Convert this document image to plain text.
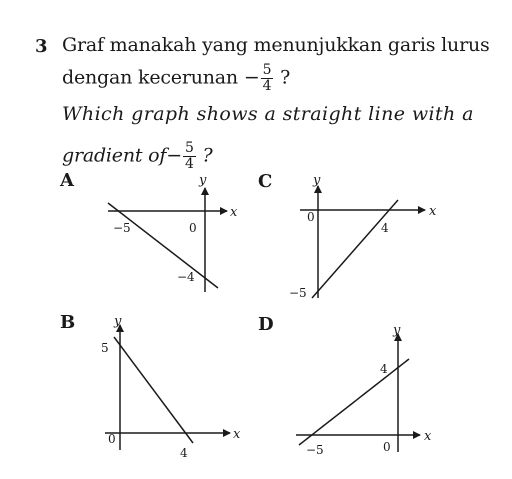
3 Graf manakah yang menunjukkan garis lurus
dengan kecerunan − $\frac{5}{4}$ ?
Which graph shows a straight line with a
gradient $of- \frac{5}{4}$ ?
A	C
B	D
x
y
0
−5
−4
x
y
0
4
−5
x
y
0
4
5
x
y
0
−5
4
